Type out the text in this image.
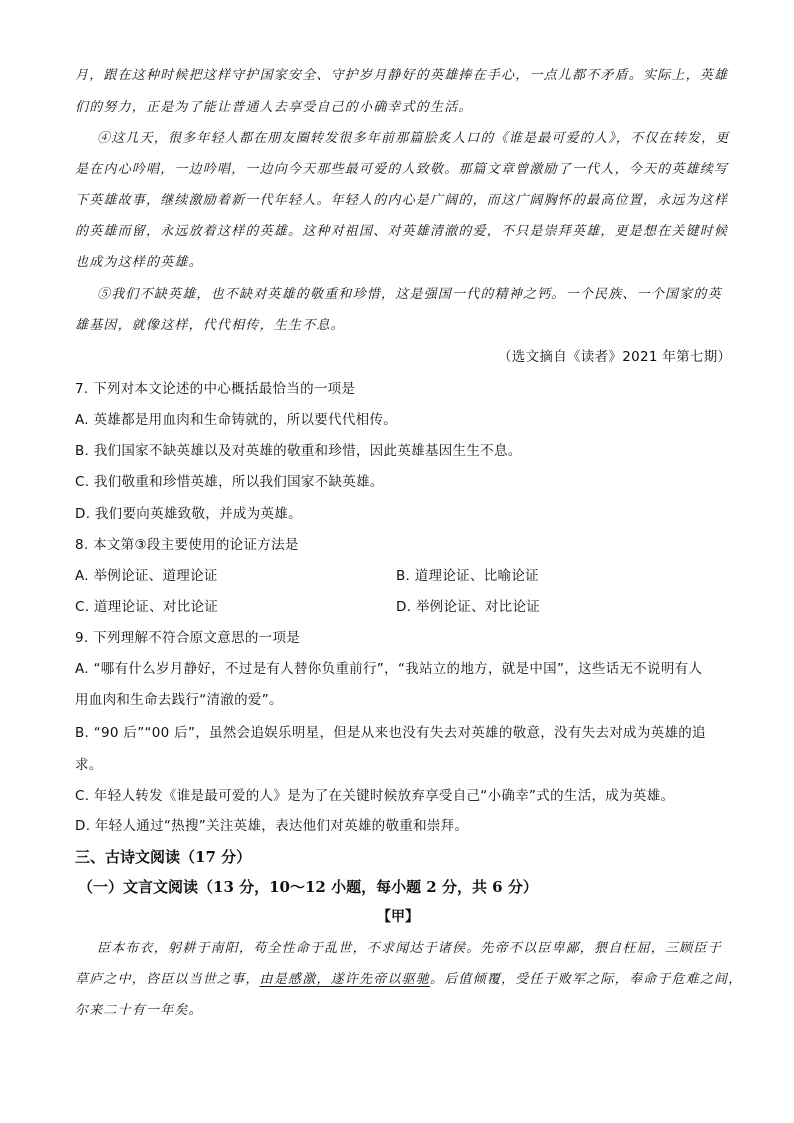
月，跟在这种时候把这样守护国家安全、守护岁月静好的英雄捧在手心，一点儿都不矛盾。实际上，英雄
们的努力，正是为了能让普通人去享受自己的小确幸式的生活。
④这几天，很多年轻人都在朋友圈转发很多年前那篇脍炙人口的《谁是最可爱的人》，不仅在转发，更
是在内心吟唱，一边吟唱，一边向今天那些最可爱的人致敬。那篇文章曾激励了一代人，今天的英雄续写
下英雄故事，继续激励着新一代年轻人。年轻人的内心是广阔的，而这广阔胸怀的最高位置，永远为这样
的英雄而留，永远放着这样的英雄。这种对祖国、对英雄清澈的爱，不只是崇拜英雄，更是想在关键时候
也成为这样的英雄。
⑤我们不缺英雄，也不缺对英雄的敬重和珍惜，这是强国一代的精神之钙。一个民族、一个国家的英
雄基因，就像这样，代代相传，生生不息。
（选文摘自《读者》2021 年第七期）
7. 下列对本文论述的中心概括最恰当的一项是
A. 英雄都是用血肉和生命铸就的，所以要代代相传。
B. 我们国家不缺英雄以及对英雄的敬重和珍惜，因此英雄基因生生不息。
C. 我们敬重和珍惜英雄，所以我们国家不缺英雄。
D. 我们要向英雄致敬，并成为英雄。
8. 本文第③段主要使用的论证方法是
A. 举例论证、道理论证	B. 道理论证、比喻论证
C. 道理论证、对比论证	D. 举例论证、对比论证
9. 下列理解不符合原文意思的一项是
A. “哪有什么岁月静好，不过是有人替你负重前行”，“我站立的地方，就是中国”，这些话无不说明有人
用血肉和生命去践行“清澈的爱”。
B. “90 后”“00 后”，虽然会追娱乐明星，但是从来也没有失去对英雄的敬意，没有失去对成为英雄的追
求。
C. 年轻人转发《谁是最可爱的人》是为了在关键时候放弃享受自己“小确幸”式的生活，成为英雄。
D. 年轻人通过“热搜”关注英雄，表达他们对英雄的敬重和崇拜。
三、古诗文阅读（17 分）
（一）文言文阅读（13 分，10～12 小题，每小题 2 分，共 6 分）
【甲】
臣本布衣，躬耕于南阳，苟全性命于乱世，不求闻达于诸侯。先帝不以臣卑鄙，猥自枉屈，三顾臣于
草庐之中，咨臣以当世之事，由是感激，遂许先帝以驱驰。后值倾覆，受任于败军之际，奉命于危难之间，
尔来二十有一年矣。
